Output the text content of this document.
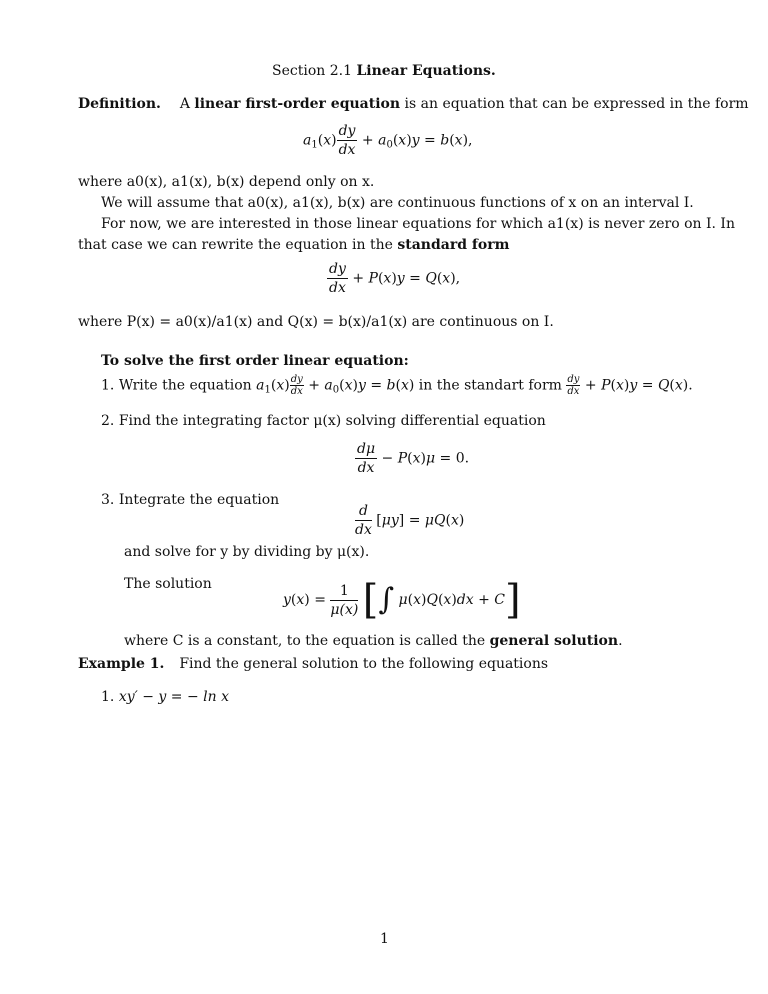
Section 2.1 Linear Equations.
Definition. A linear first-order equation is an equation that can be expressed in the form
$a_1(x) \frac{dy}{dx} + a_0(x)y = b(x)$,
where a0(x), a1(x), b(x) depend only on x.
We will assume that a0(x), a1(x), b(x) are continuous functions of x on an interval I.
For now, we are interested in those linear equations for which a1(x) is never zero on I. In
that case we can rewrite the equation in the standard form
$\frac{dy}{dx} + P(x)y = Q(x)$,
where P(x) = a0(x)/a1(x) and Q(x) = b(x)/a1(x) are continuous on I.
To solve the first order linear equation:
1. Write the equation $a_1(x) \frac{dy}{dx} + a_0(x)y = b(x)$ in the standart form $\frac{dy}{dx} + P(x)y = Q(x)$.
2. Find the integrating factor μ(x) solving differential equation
$\frac{d\mu}{dx} - P(x)\mu = 0$.
3. Integrate the equation
$\frac{d}{dx} [\mu y] = \mu Q(x)$
and solve for y by dividing by μ(x).
The solution
$y(x) = \frac{1}{\mu(x)}$ [∫ μ(x)Q(x)dx + C]
where C is a constant, to the equation is called the general solution.
Example 1. Find the general solution to the following equations
1. xy′ − y = − ln x
1
